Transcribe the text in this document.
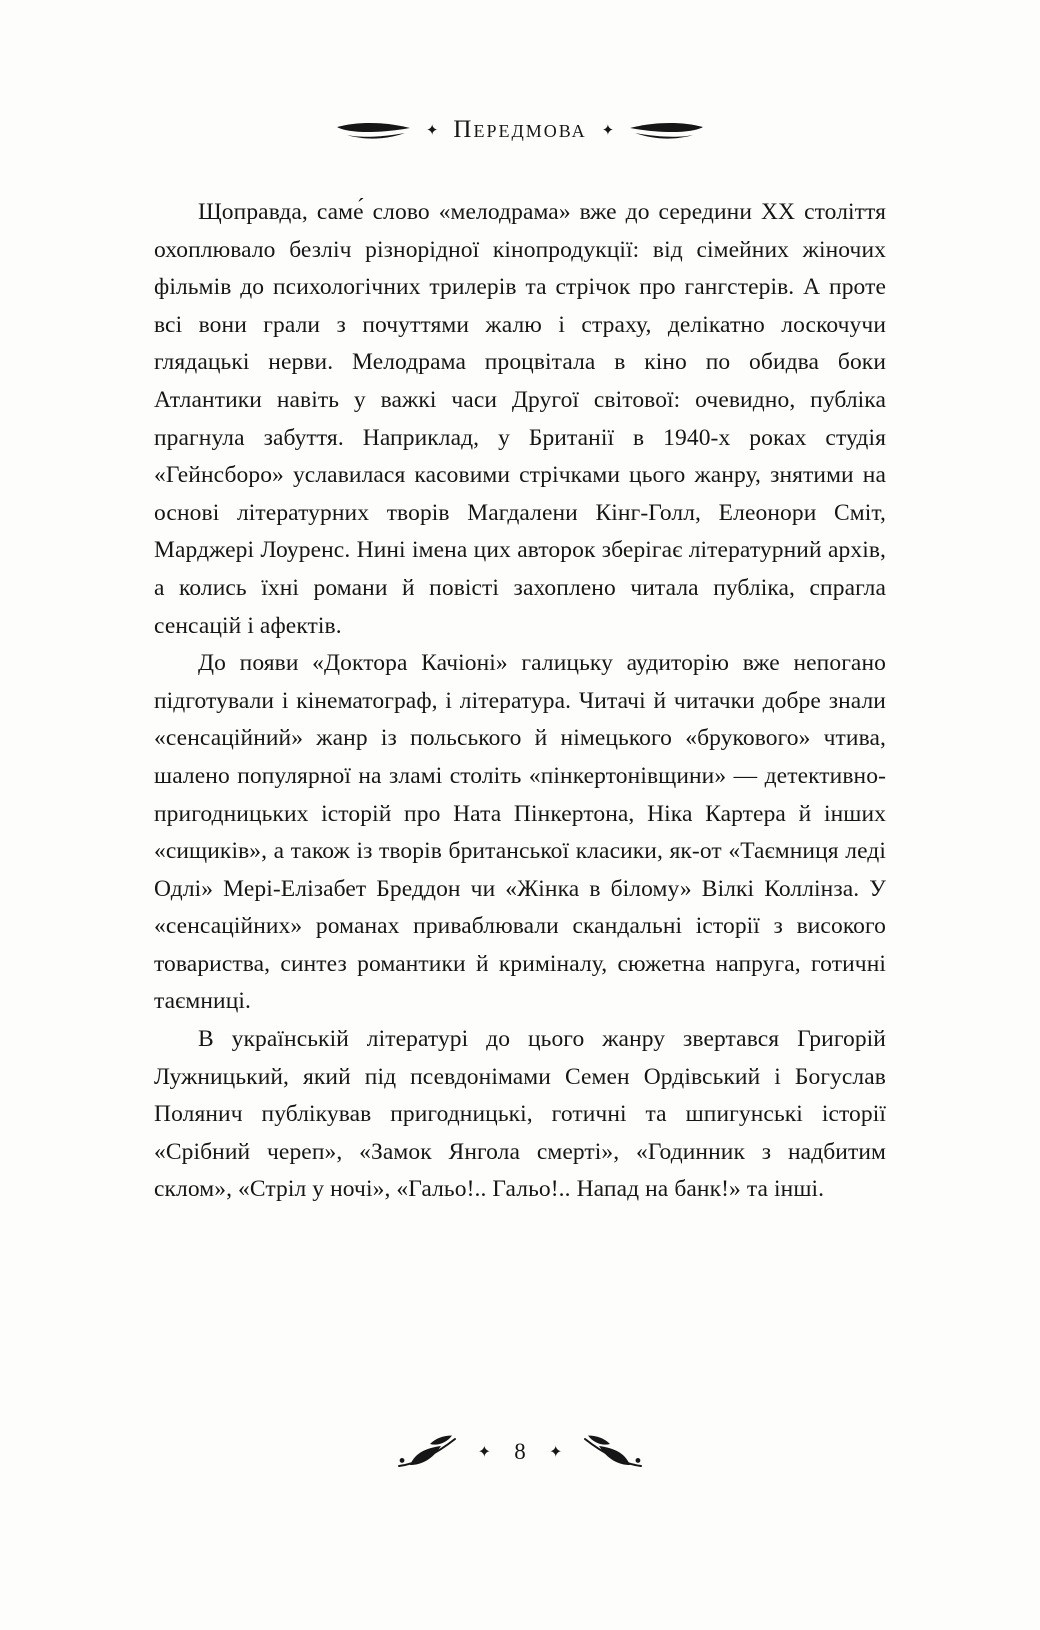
✦ Передмова ✦

Щоправда, саме́ слово «мелодрама» вже до середини ХХ століття охоплювало безліч різнорідної кінопродукції: від сімейних жіночих фільмів до психологічних трилерів та стрічок про гангстерів. А проте всі вони грали з почуттями жалю і страху, делікатно лоскочучи глядацькі нерви. Мелодрама процвітала в кіно по обидва боки Атлантики навіть у важкі часи Другої світової: очевидно, публіка прагнула забуття. Наприклад, у Британії в 1940-х роках студія «Гейнсборо» уславилася касовими стрічками цього жанру, знятими на основі літературних творів Магдалени Кінг-Голл, Елеонори Сміт, Марджері Лоуренс. Нині імена цих авторок зберігає літературний архів, а колись їхні романи й повісті захоплено читала публіка, спрагла сенсацій і афектів.

До появи «Доктора Качіоні» галицьку аудиторію вже непогано підготували і кінематограф, і література. Читачі й читачки добре знали «сенсаційний» жанр із польського й німецького «брукового» чтива, шалено популярної на зламі століть «пінкертонівщини» — детективно-пригодницьких історій про Ната Пінкертона, Ніка Картера й інших «сищиків», а також із творів британської класики, як-от «Таємниця леді Одлі» Мері-Елізабет Бреддон чи «Жінка в білому» Вілкі Коллінза. У «сенсаційних» романах приваблювали скандальні історії з високого товариства, синтез романтики й криміналу, сюжетна напруга, готичні таємниці.

В українській літературі до цього жанру звертався Григорій Лужницький, який під псевдонімами Семен Ордівський і Богуслав Полянич публікував пригодницькі, готичні та шпигунські історії «Срібний череп», «Замок Янгола смерті», «Годинник з надбитим склом», «Стріл у ночі», «Гальо!.. Гальо!.. Напад на банк!» та інші.

✦ 8 ✦
